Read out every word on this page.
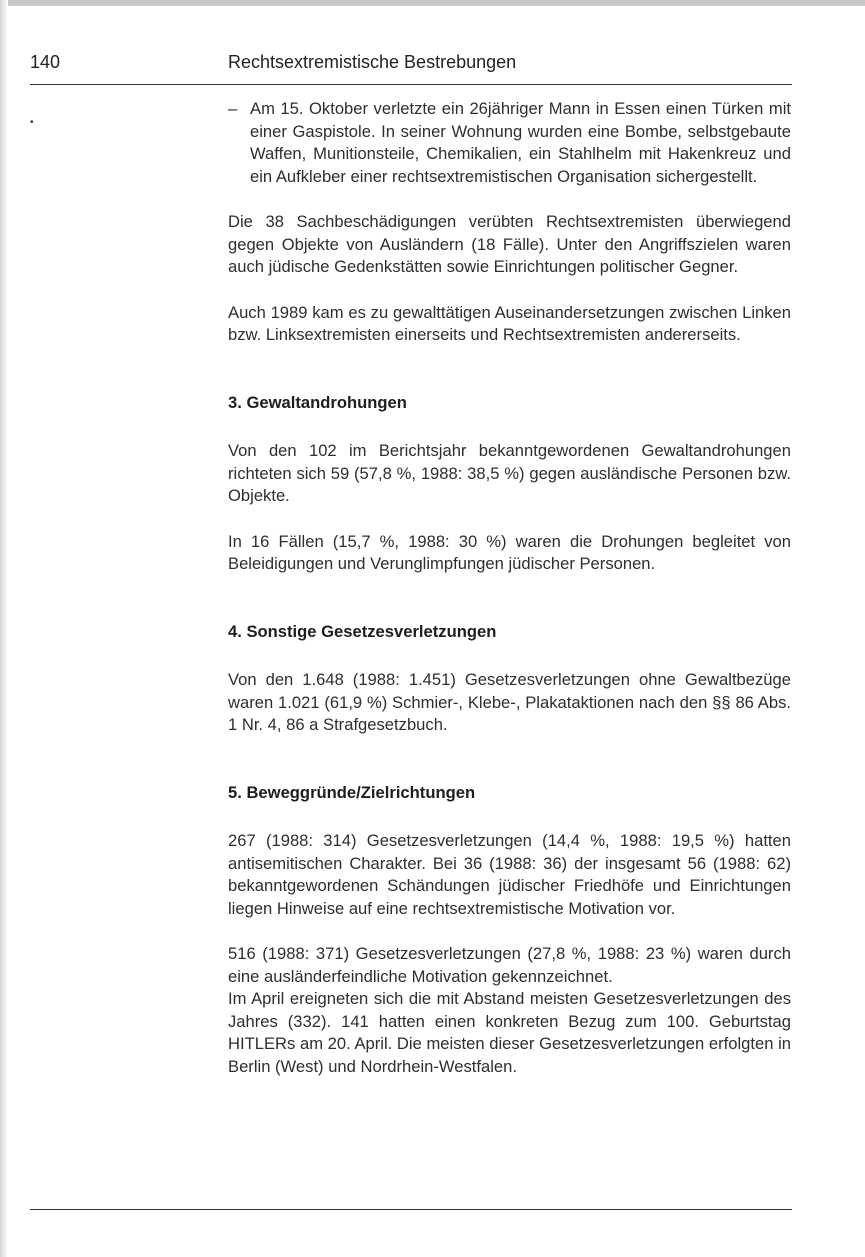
140	Rechtsextremistische Bestrebungen
•
– Am 15. Oktober verletzte ein 26jähriger Mann in Essen einen Türken mit einer Gaspistole. In seiner Wohnung wurden eine Bombe, selbstgebaute Waffen, Munitionsteile, Chemikalien, ein Stahlhelm mit Hakenkreuz und ein Aufkleber einer rechtsextremistischen Organisation sichergestellt.

Die 38 Sachbeschädigungen verübten Rechtsextremisten überwiegend gegen Objekte von Ausländern (18 Fälle). Unter den Angriffszielen waren auch jüdische Gedenkstätten sowie Einrichtungen politischer Gegner.

Auch 1989 kam es zu gewalttätigen Auseinandersetzungen zwischen Linken bzw. Linksextremisten einerseits und Rechtsextremisten andererseits.

3. Gewaltandrohungen

Von den 102 im Berichtsjahr bekanntgewordenen Gewaltandrohungen richteten sich 59 (57,8 %, 1988: 38,5 %) gegen ausländische Personen bzw. Objekte.

In 16 Fällen (15,7 %, 1988: 30 %) waren die Drohungen begleitet von Beleidigungen und Verunglimpfungen jüdischer Personen.

4. Sonstige Gesetzesverletzungen

Von den 1.648 (1988: 1.451) Gesetzesverletzungen ohne Gewaltbezüge waren 1.021 (61,9 %) Schmier-, Klebe-, Plakataktionen nach den §§ 86 Abs. 1 Nr. 4, 86 a Strafgesetzbuch.

5. Beweggründe/Zielrichtungen

267 (1988: 314) Gesetzesverletzungen (14,4 %, 1988: 19,5 %) hatten antisemitischen Charakter. Bei 36 (1988: 36) der insgesamt 56 (1988: 62) bekanntgewordenen Schändungen jüdischer Friedhöfe und Einrichtungen liegen Hinweise auf eine rechtsextremistische Motivation vor.

516 (1988: 371) Gesetzesverletzungen (27,8 %, 1988: 23 %) waren durch eine ausländerfeindliche Motivation gekennzeichnet.

Im April ereigneten sich die mit Abstand meisten Gesetzesverletzungen des Jahres (332). 141 hatten einen konkreten Bezug zum 100. Geburtstag HITLERs am 20. April. Die meisten dieser Gesetzesverletzungen erfolgten in Berlin (West) und Nordrhein-Westfalen.
